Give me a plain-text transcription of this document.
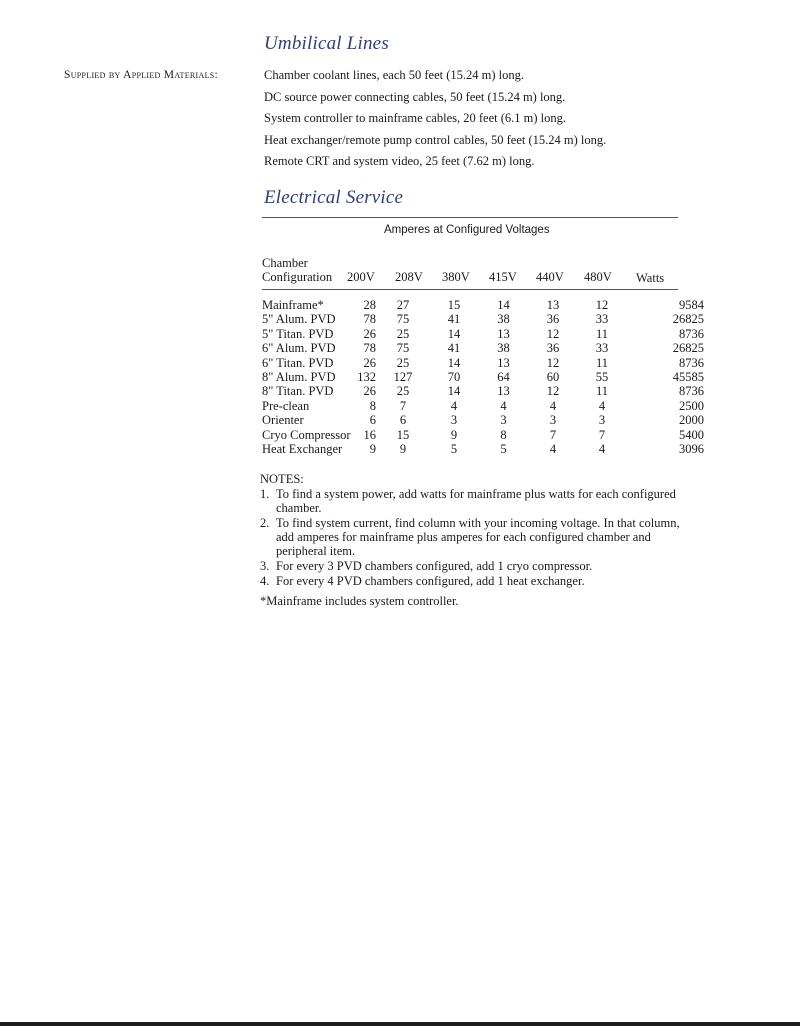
Umbilical Lines
Supplied by Applied Materials:	Chamber coolant lines, each 50 feet (15.24 m) long.
DC source power connecting cables, 50 feet (15.24 m) long.
System controller to mainframe cables, 20 feet (6.1 m) long.
Heat exchanger/remote pump control cables, 50 feet (15.24 m) long.
Remote CRT and system video, 25 feet (7.62 m) long.
Electrical Service
Amperes at Configured Voltages
Chamber
Configuration 200V 208V 380V 415V 440V 480V Watts
Mainframe*	28	27	15	14	13	12	9584
5" Alum. PVD	78	75	41	38	36	33	26825
5" Titan. PVD	26	25	14	13	12	11	8736
6" Alum. PVD	78	75	41	38	36	33	26825
6" Titan. PVD	26	25	14	13	12	11	8736
8" Alum. PVD	132	127	70	64	60	55	45585
8" Titan. PVD	26	25	14	13	12	11	8736
Pre-clean	8	7	4	4	4	4	2500
Orienter	6	6	3	3	3	3	2000
Cryo Compressor	16	15	9	8	7	7	5400
Heat Exchanger	9	9	5	5	4	4	3096
NOTES:
1. To find a system power, add watts for mainframe plus watts for each configured chamber.
2. To find system current, find column with your incoming voltage. In that column, add amperes for mainframe plus amperes for each configured chamber and peripheral item.
3. For every 3 PVD chambers configured, add 1 cryo compressor.
4. For every 4 PVD chambers configured, add 1 heat exchanger.
*Mainframe includes system controller.
